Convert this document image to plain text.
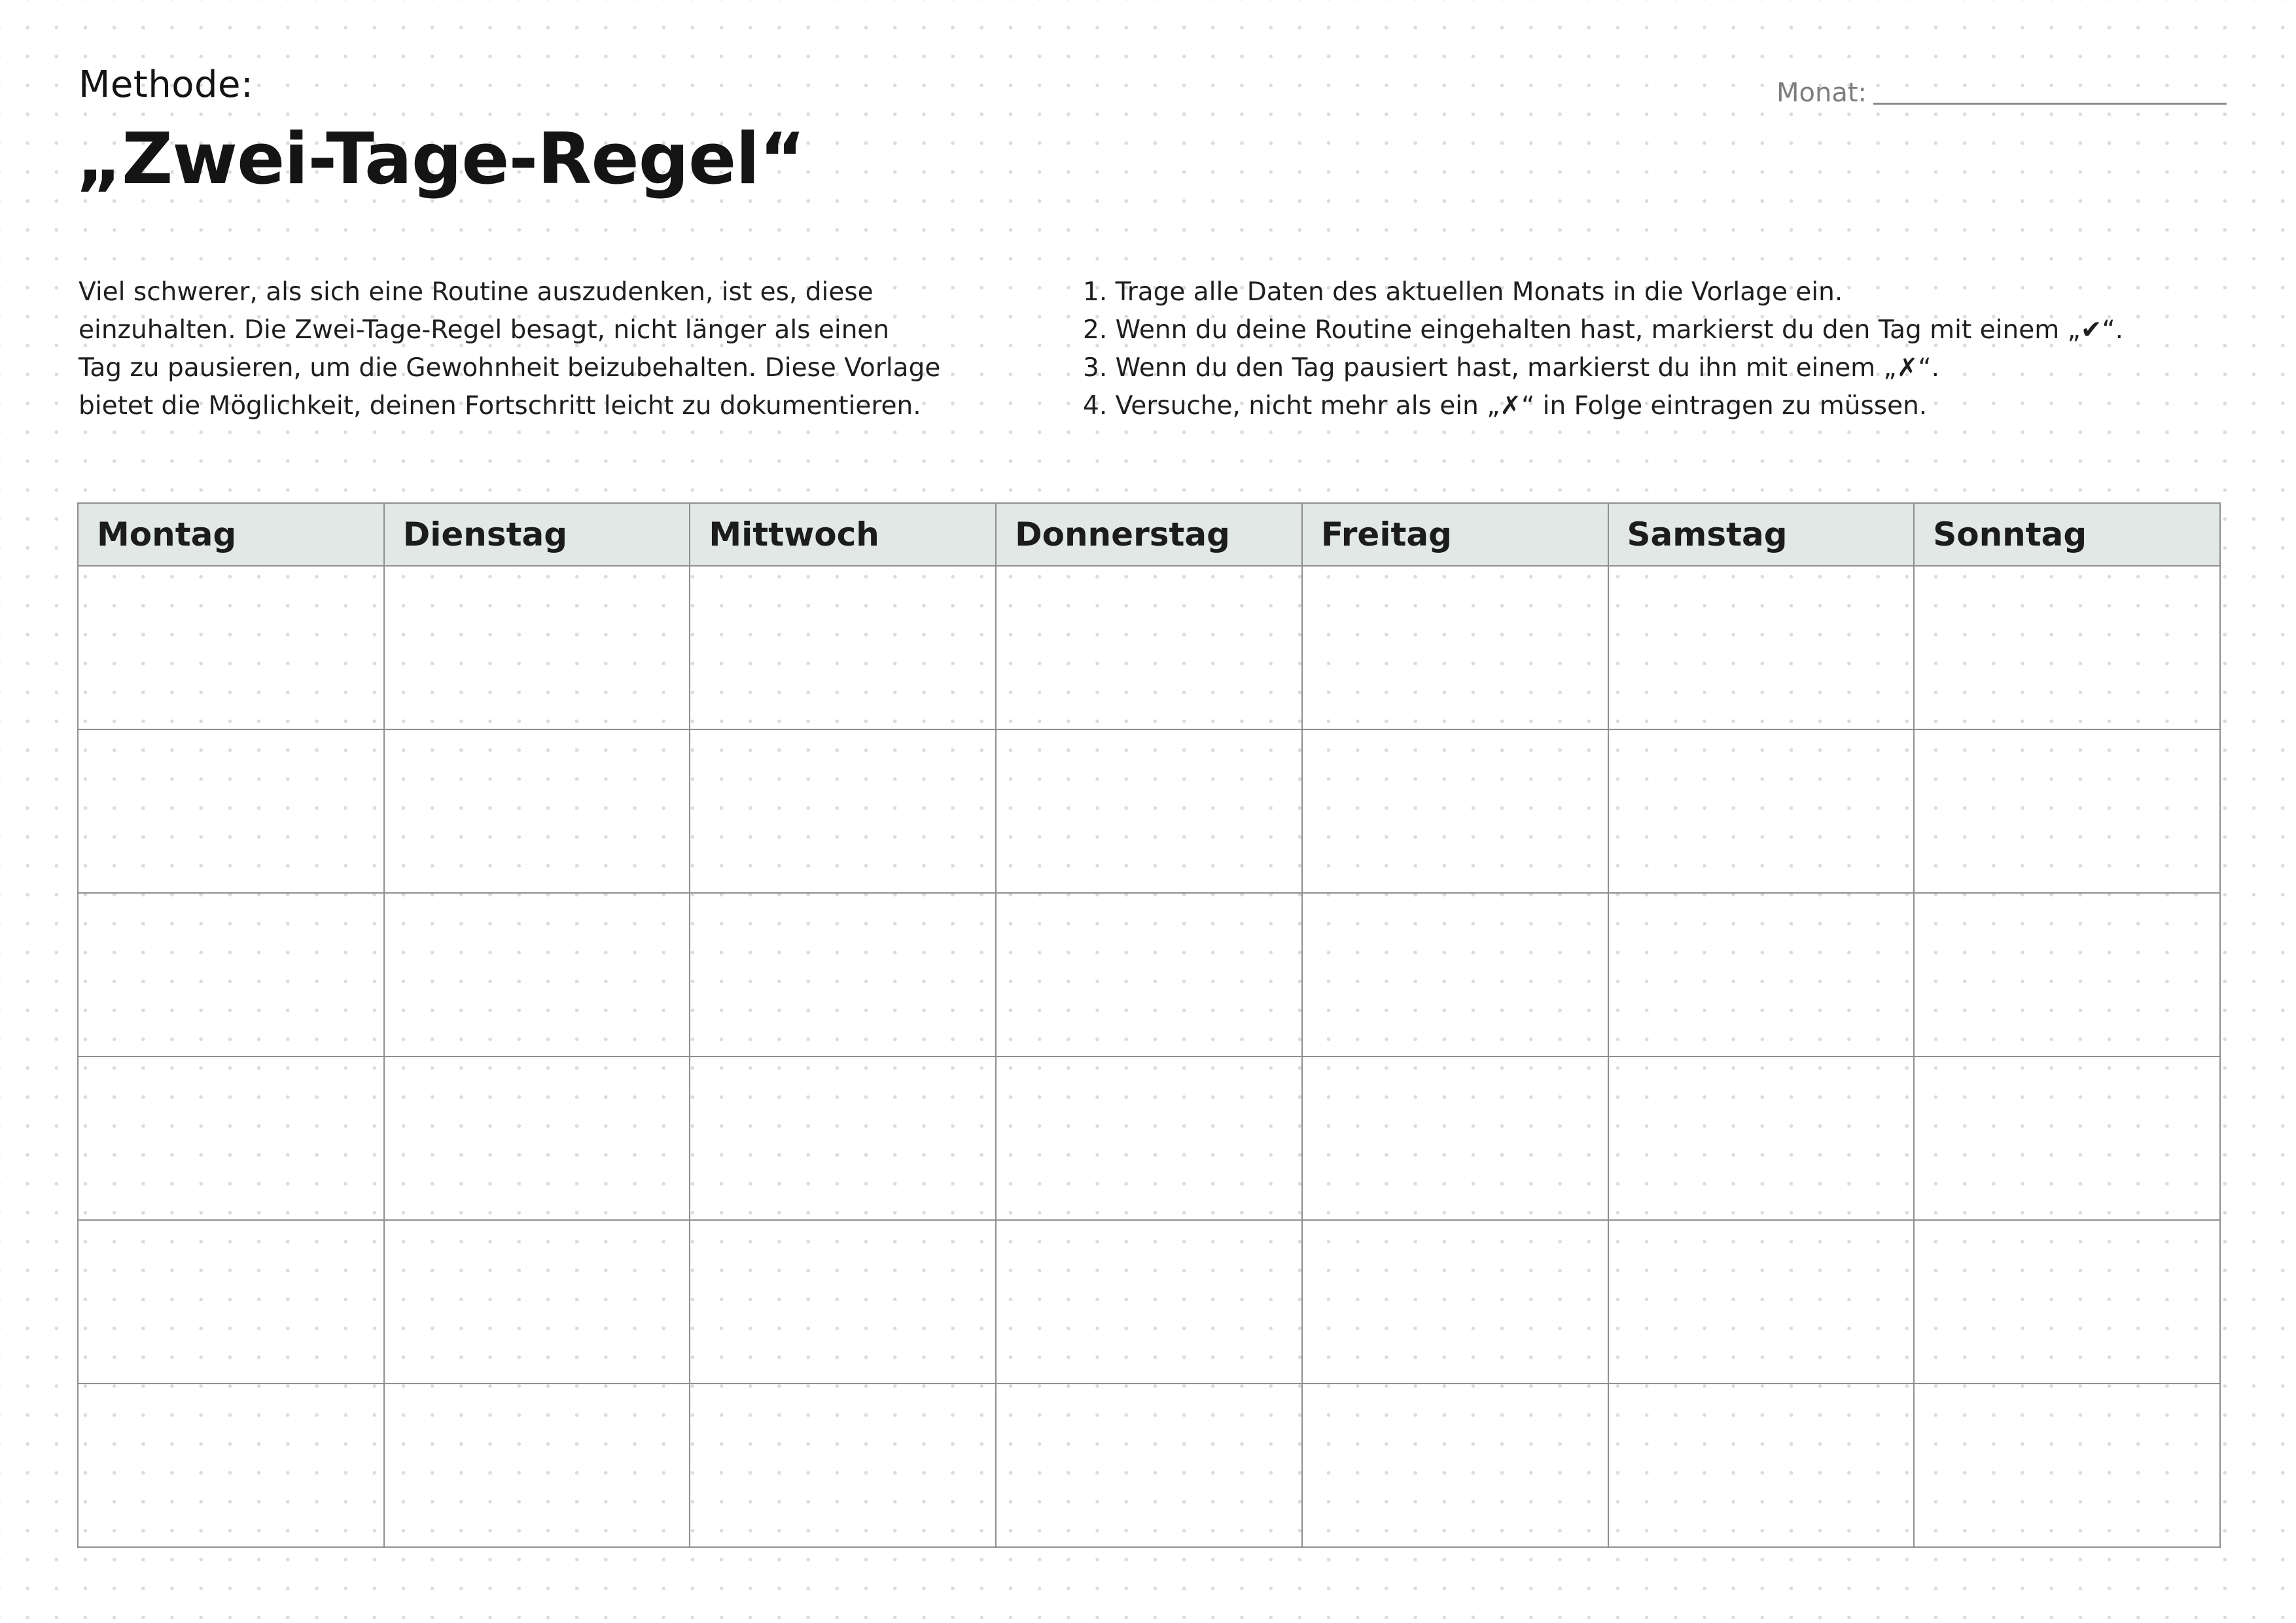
Methode:
„Zwei-Tage-Regel“
Monat:

Viel schwerer, als sich eine Routine auszudenken, ist es, diese

einzuhalten. Die Zwei-Tage-Regel besagt, nicht länger als einen

Tag zu pausieren, um die Gewohnheit beizubehalten. Diese Vorlage

bietet die Möglichkeit, deinen Fortschritt leicht zu dokumentieren.

1. Trage alle Daten des aktuellen Monats in die Vorlage ein.
2. Wenn du deine Routine eingehalten hast, markierst du den Tag mit einem „✔“.
3. Wenn du den Tag pausiert hast, markierst du ihn mit einem „✗“.
4. Versuche, nicht mehr als ein „✗“ in Folge eintragen zu müssen.
Montag	Dienstag	Mittwoch	Donnerstag	Freitag	Samstag	Sonntag
